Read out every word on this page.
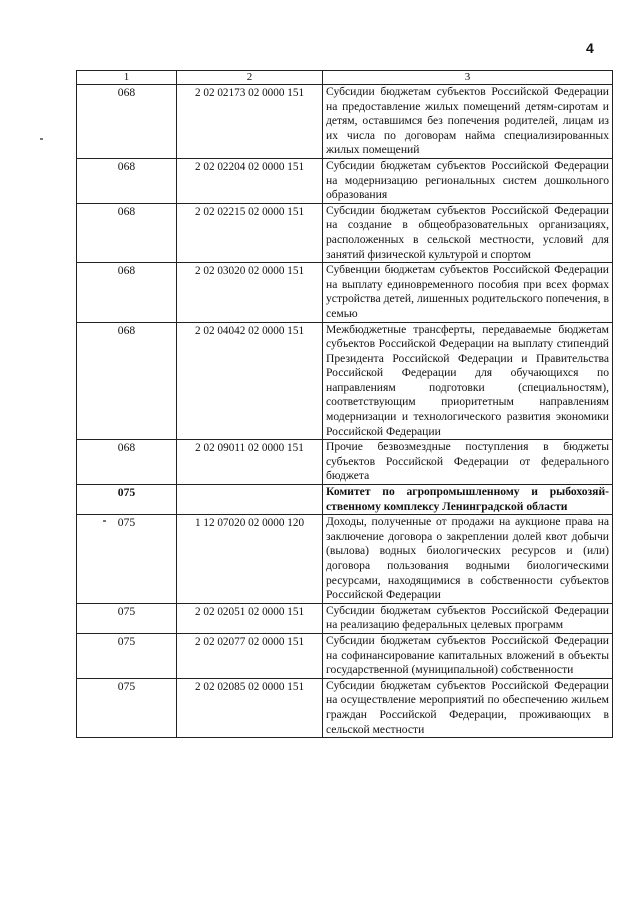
4
1	2	3
068	2 02 02173 02 0000 151	Субсидии бюджетам субъектов Российской Федерации на предоставление жилых помещений детям-сиротам и детям, оставшимся без попечения родителей, лицам из их числа по договорам найма специализированных жилых помещений
068	2 02 02204 02 0000 151	Субсидии бюджетам субъектов Российской Федерации на модернизацию региональных систем дошкольного образования
068	2 02 02215 02 0000 151	Субсидии бюджетам субъектов Российской Федерации на создание в общеобразовательных организациях, расположенных в сельской местности, условий для занятий физической культурой и спортом
068	2 02 03020 02 0000 151	Субвенции бюджетам субъектов Российской Федерации на выплату единовременного пособия при всех формах устройства детей, лишенных родительского попечения, в семью
068	2 02 04042 02 0000 151	Межбюджетные трансферты, передаваемые бюджетам субъектов Российской Федерации на выплату стипендий Президента Российской Федерации и Правительства Российской Федерации для обучающихся по направлениям подготовки (специальностям), соответствующим приоритетным направлениям модернизации и технологического развития экономики Российской Федерации
068	2 02 09011 02 0000 151	Прочие безвозмездные поступления в бюджеты субъектов Российской Федерации от федерального бюджета
075		Комитет по агропромышленному и рыбохозяй-ственному комплексу Ленинградской области
075	1 12 07020 02 0000 120	Доходы, полученные от продажи на аукционе права на заключение договора о закреплении долей квот добычи (вылова) водных биологических ресурсов и (или) договора пользования водными биологическими ресурсами, находящимися в собственности субъектов Российской Федерации
075	2 02 02051 02 0000 151	Субсидии бюджетам субъектов Российской Федерации на реализацию федеральных целевых программ
075	2 02 02077 02 0000 151	Субсидии бюджетам субъектов Российской Федерации на софинансирование капитальных вложений в объекты государственной (муниципальной) собственности
075	2 02 02085 02 0000 151	Субсидии бюджетам субъектов Российской Федерации на осуществление мероприятий по обеспечению жильем граждан Российской Федерации, проживающих в сельской местности
